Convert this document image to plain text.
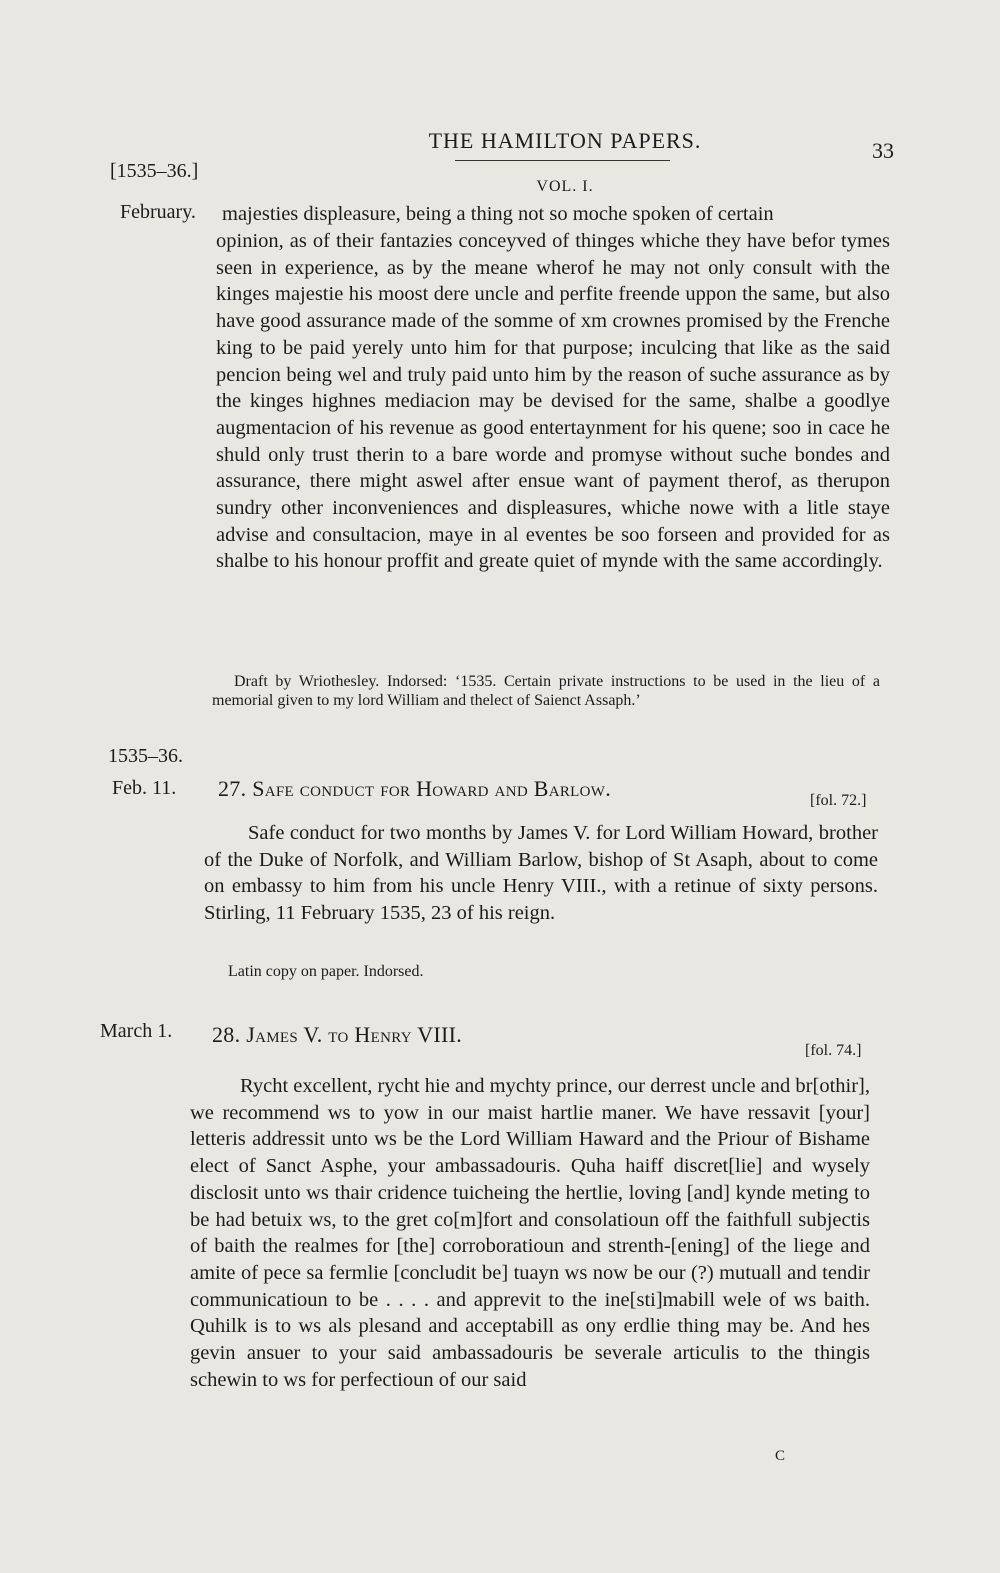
THE HAMILTON PAPERS.	33
VOL. I.
[1535–36.]
February. majesties displeasure, being a thing not so moche spoken of certain

opinion, as of their fantazies conceyved of thinges whiche they have befor tymes seen in experience, as by the meane wherof he may not only consult with the kinges majestie his moost dere uncle and perfite freende uppon the same, but also have good assurance made of the somme of xm crownes promised by the Frenche king to be paid yerely unto him for that purpose; inculcing that like as the said pencion being wel and truly paid unto him by the reason of suche assurance as by the kinges highnes mediacion may be devised for the same, shalbe a goodlye augmentacion of his revenue as good entertaynment for his quene; soo in cace he shuld only trust therin to a bare worde and promyse without suche bondes and assurance, there might aswel after ensue want of payment therof, as therupon sundry other inconveniences and displeasures, whiche nowe with a litle staye advise and consultacion, maye in al eventes be soo forseen and provided for as shalbe to his honour proffit and greate quiet of mynde with the same accordingly.

Draft by Wriothesley. Indorsed: ‘1535. Certain private instructions to be used in the lieu of a memorial given to my lord William and thelect of Saienct Assaph.’

1535–36.
Feb. 11. 27. Safe conduct for Howard and Barlow.	[fol. 72.]

Safe conduct for two months by James V. for Lord William Howard, brother of the Duke of Norfolk, and William Barlow, bishop of St Asaph, about to come on embassy to him from his uncle Henry VIII., with a retinue of sixty persons. Stirling, 11 February 1535, 23 of his reign.

Latin copy on paper. Indorsed.
March 1. 28. James V. to Henry VIII.
[fol. 74.]

Rycht excellent, rycht hie and mychty prince, our derrest uncle and br[othir], we recommend ws to yow in our maist hartlie maner. We have ressavit [your] letteris addressit unto ws be the Lord William Haward and the Priour of Bishame elect of Sanct Asphe, your ambassadouris. Quha haiff discret[lie] and wysely disclosit unto ws thair cridence tuicheing the hertlie, loving [and] kynde meting to be had betuix ws, to the gret co[m]fort and consolatioun off the faithfull subjectis of baith the realmes for [the] corroboratioun and strenth-[ening] of the liege and amite of pece sa fermlie [concludit be] tuayn ws now be our (?) mutuall and tendir communicatioun to be . . . . and apprevit to the ine[sti]mabill wele of ws baith. Quhilk is to ws als plesand and acceptabill as ony erdlie thing may be. And hes gevin ansuer to your said ambassadouris be severale articulis to the thingis schewin to ws for perfectioun of our said

C
